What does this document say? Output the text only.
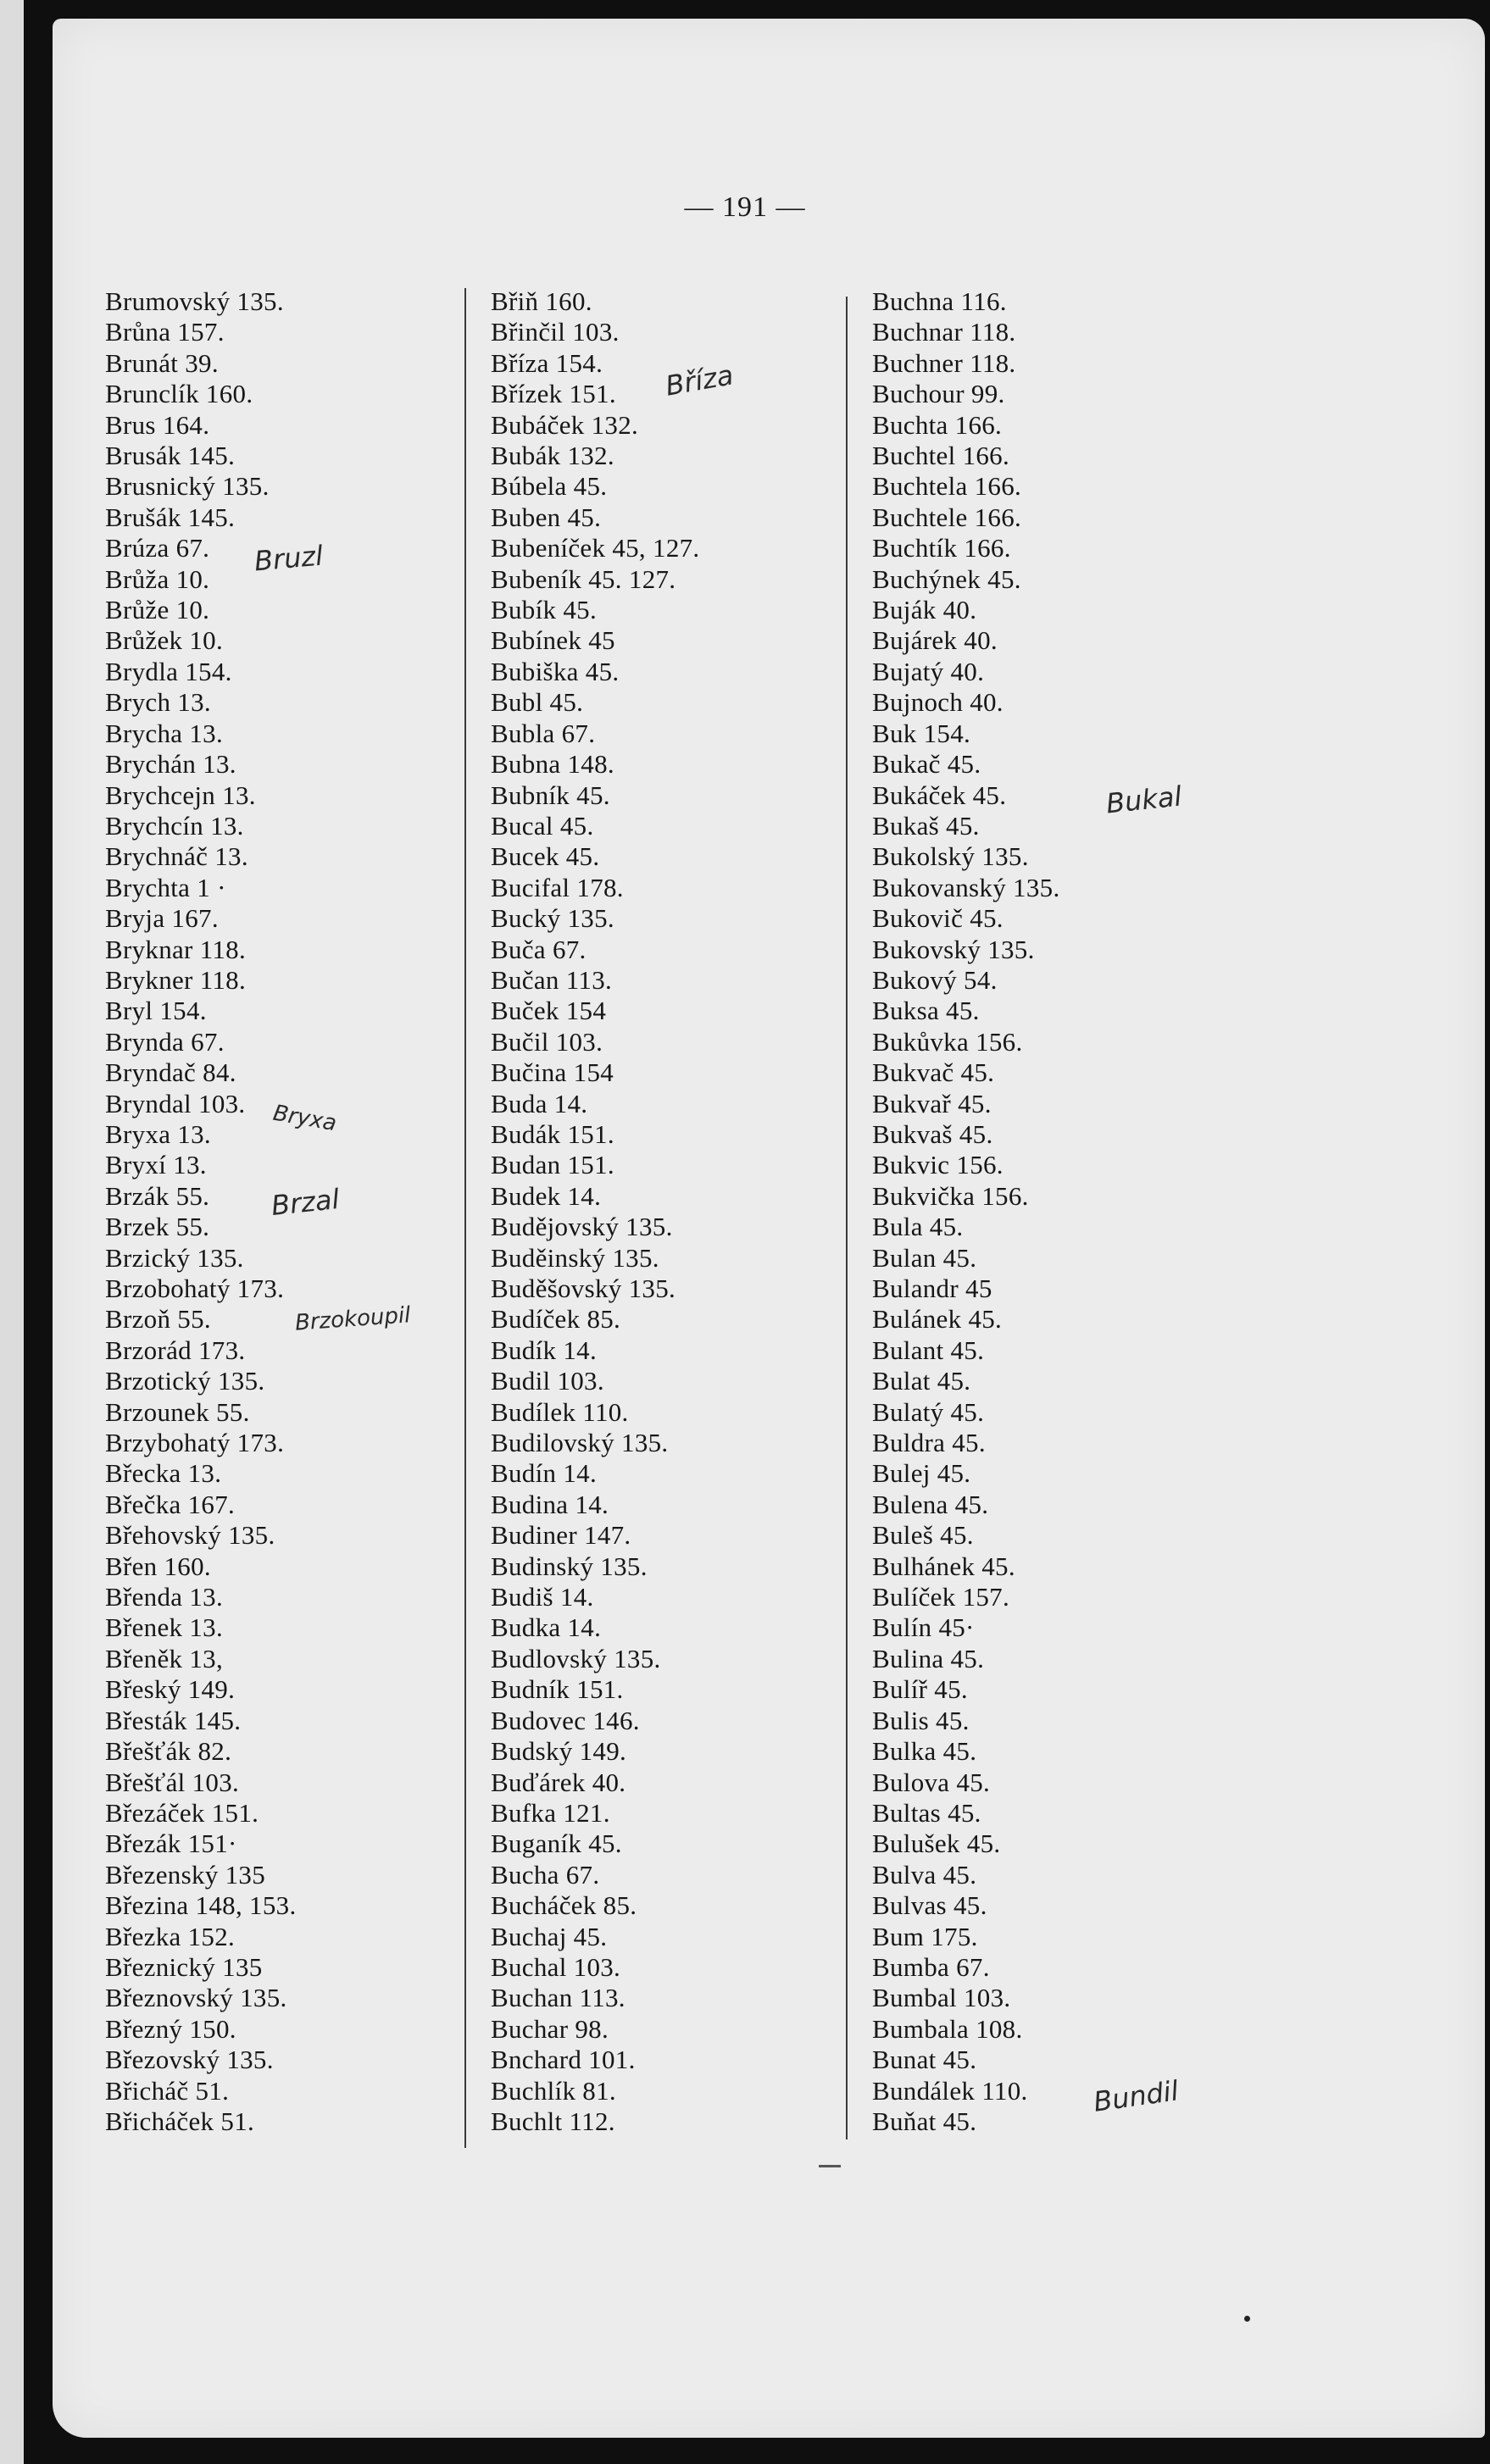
— 191 —
Brumovský 135.
Brůna 157.
Brunát 39.
Brunclík 160.
Brus 164.
Brusák 145.
Brusnický 135.
Brušák 145.
Brúza 67.
Brůža 10.
Brůže 10.
Brůžek 10.
Brydla 154.
Brych 13.
Brycha 13.
Brychán 13.
Brychcejn 13.
Brychcín 13.
Brychnáč 13.
Brychta 1 ·
Bryja 167.
Bryknar 118.
Brykner 118.
Bryl 154.
Brynda 67.
Bryndač 84.
Bryndal 103.
Bryxa 13.
Bryxí 13.
Brzák 55.
Brzek 55.
Brzický 135.
Brzobohatý 173.
Brzoň 55.
Brzorád 173.
Brzotický 135.
Brzounek 55.
Brzybohatý 173.
Břecka 13.
Břečka 167.
Břehovský 135.
Břen 160.
Břenda 13.
Břenek 13.
Břeněk 13,
Břeský 149.
Břesták 145.
Břešťák 82.
Břešťál 103.
Březáček 151.
Březák 151·
Březenský 135
Březina 148, 153.
Březka 152.
Březnický 135
Březnovský 135.
Březný 150.
Březovský 135.
Břicháč 51.
Břicháček 51.
Břiň 160.
Břinčil 103.
Bříza 154.
Břízek 151.
Bubáček 132.
Bubák 132.
Búbela 45.
Buben 45.
Bubeníček 45, 127.
Bubeník 45. 127.
Bubík 45.
Bubínek 45
Bubiška 45.
Bubl 45.
Bubla 67.
Bubna 148.
Bubník 45.
Bucal 45.
Bucek 45.
Bucifal 178.
Bucký 135.
Buča 67.
Bučan 113.
Buček 154
Bučil 103.
Bučina 154
Buda 14.
Budák 151.
Budan 151.
Budek 14.
Budějovský 135.
Buděinský 135.
Buděšovský 135.
Budíček 85.
Budík 14.
Budil 103.
Budílek 110.
Budilovský 135.
Budín 14.
Budina 14.
Budiner 147.
Budinský 135.
Budiš 14.
Budka 14.
Budlovský 135.
Budník 151.
Budovec 146.
Budský 149.
Buďárek 40.
Bufka 121.
Buganík 45.
Bucha 67.
Bucháček 85.
Buchaj 45.
Buchal 103.
Buchan 113.
Buchar 98.
Bnchard 101.
Buchlík 81.
Buchlt 112.
Buchna 116.
Buchnar 118.
Buchner 118.
Buchour 99.
Buchta 166.
Buchtel 166.
Buchtela 166.
Buchtele 166.
Buchtík 166.
Buchýnek 45.
Buják 40.
Bujárek 40.
Bujatý 40.
Bujnoch 40.
Buk 154.
Bukač 45.
Bukáček 45.
Bukaš 45.
Bukolský 135.
Bukovanský 135.
Bukovič 45.
Bukovský 135.
Bukový 54.
Buksa 45.
Bukůvka 156.
Bukvač 45.
Bukvař 45.
Bukvaš 45.
Bukvic 156.
Bukvička 156.
Bula 45.
Bulan 45.
Bulandr 45
Bulánek 45.
Bulant 45.
Bulat 45.
Bulatý 45.
Buldra 45.
Bulej 45.
Bulena 45.
Buleš 45.
Bulhánek 45.
Bulíček 157.
Bulín 45·
Bulina 45.
Bulíř 45.
Bulis 45.
Bulka 45.
Bulova 45.
Bultas 45.
Bulušek 45.
Bulva 45.
Bulvas 45.
Bum 175.
Bumba 67.
Bumbal 103.
Bumbala 108.
Bunat 45.
Bundálek 110.
Buňat 45.
Bruzl
Bryxa
Brzal
Brzokoupil
Bříza
Bukal
Bundil
